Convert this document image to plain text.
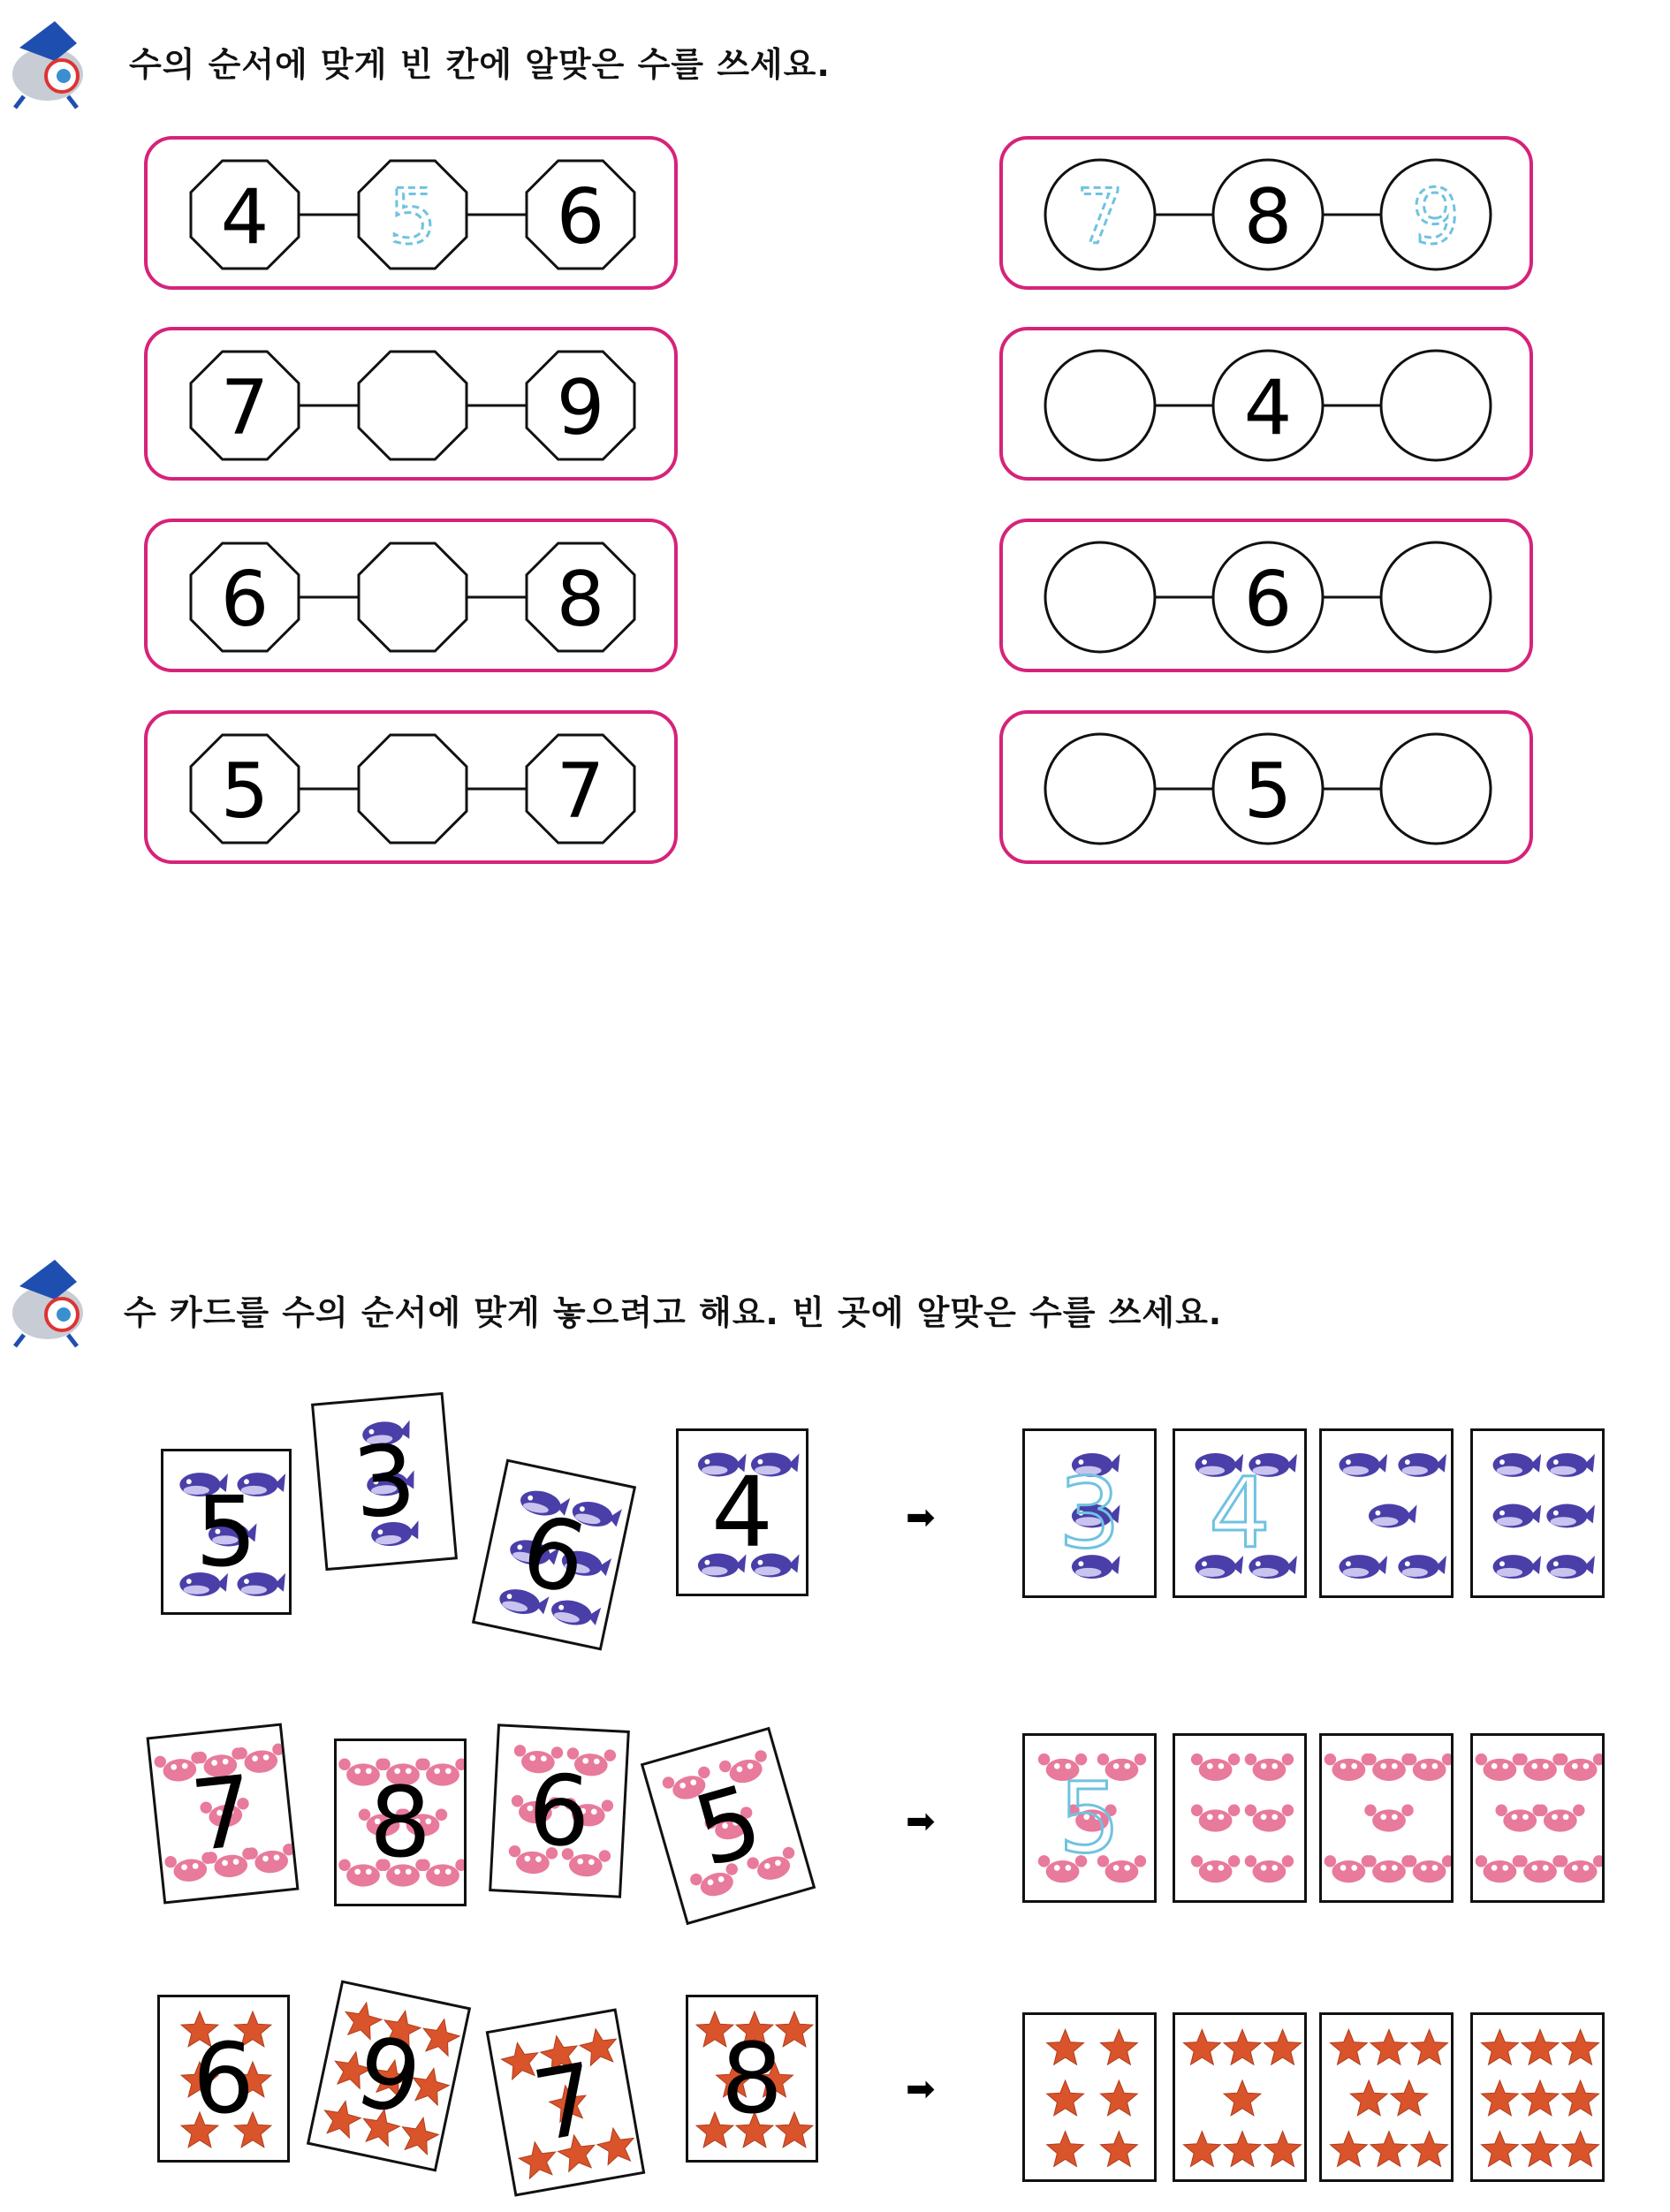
수의 순서에 맞게 빈 칸에 알맞은 수를 쓰세요.
4 5 6
7	9
6	8
5	7
7 8 9
4
6
5
수 카드를 수의 순서에 맞게 놓으려고 해요. 빈 곳에 알맞은 수를 쓰세요.
5 3
6	4	➡	3 4
7	8 6 5	➡	5
6 9 7	8	➡
